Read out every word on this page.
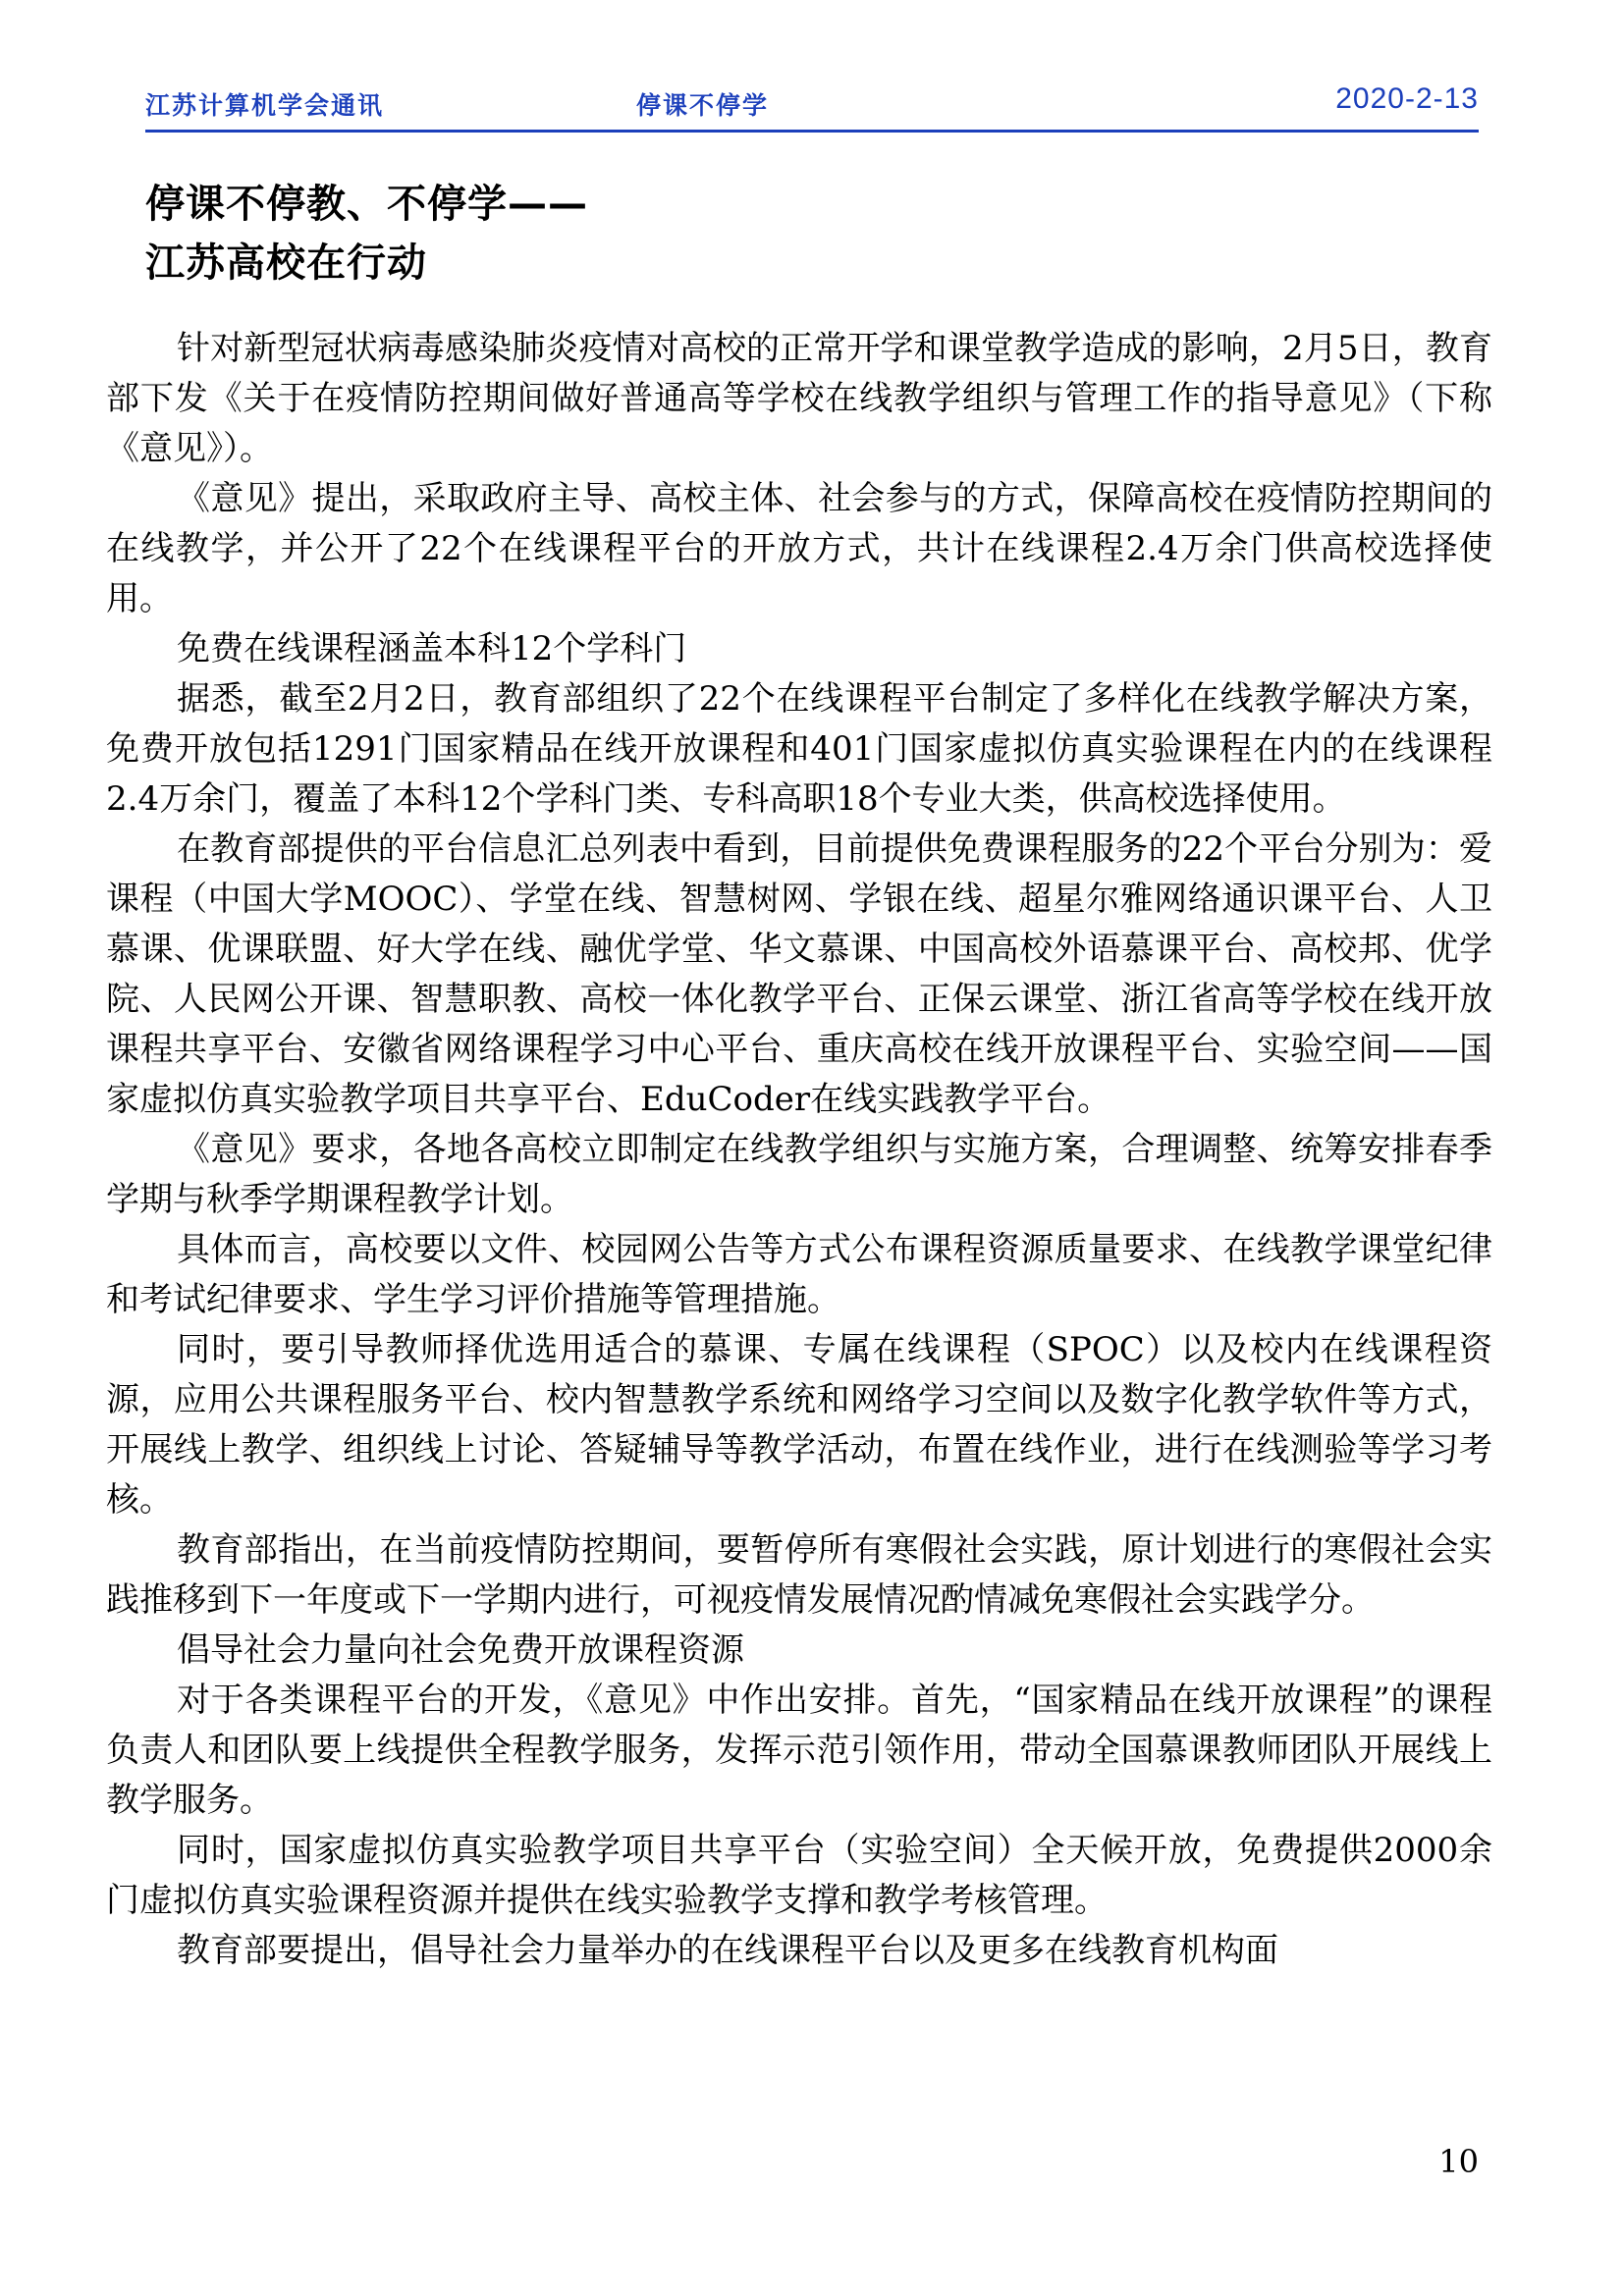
江苏计算机学会通讯	停课不停学	2020-2-13
停课不停教、不停学——
江苏高校在行动

针对新型冠状病毒感染肺炎疫情对高校的正常开学和课堂教学造成的影响，2月5日，教育部下发《关于在疫情防控期间做好普通高等学校在线教学组织与管理工作的指导意见》（下称《意见》）。

《意见》提出，采取政府主导、高校主体、社会参与的方式，保障高校在疫情防控期间的在线教学，并公开了22个在线课程平台的开放方式，共计在线课程2.4万余门供高校选择使用。

免费在线课程涵盖本科12个学科门

据悉，截至2月2日，教育部组织了22个在线课程平台制定了多样化在线教学解决方案，免费开放包括1291门国家精品在线开放课程和401门国家虚拟仿真实验课程在内的在线课程2.4万余门，覆盖了本科12个学科门类、专科高职18个专业大类，供高校选择使用。

在教育部提供的平台信息汇总列表中看到，目前提供免费课程服务的22个平台分别为：爱课程（中国大学MOOC）、学堂在线、智慧树网、学银在线、超星尔雅网络通识课平台、人卫慕课、优课联盟、好大学在线、融优学堂、华文慕课、中国高校外语慕课平台、高校邦、优学院、人民网公开课、智慧职教、高校一体化教学平台、正保云课堂、浙江省高等学校在线开放课程共享平台、安徽省网络课程学习中心平台、重庆高校在线开放课程平台、实验空间——国家虚拟仿真实验教学项目共享平台、EduCoder在线实践教学平台。

《意见》要求，各地各高校立即制定在线教学组织与实施方案，合理调整、统筹安排春季学期与秋季学期课程教学计划。

具体而言，高校要以文件、校园网公告等方式公布课程资源质量要求、在线教学课堂纪律和考试纪律要求、学生学习评价措施等管理措施。

同时，要引导教师择优选用适合的慕课、专属在线课程（SPOC）以及校内在线课程资源，应用公共课程服务平台、校内智慧教学系统和网络学习空间以及数字化教学软件等方式，开展线上教学、组织线上讨论、答疑辅导等教学活动，布置在线作业，进行在线测验等学习考核。

教育部指出，在当前疫情防控期间，要暂停所有寒假社会实践，原计划进行的寒假社会实践推移到下一年度或下一学期内进行，可视疫情发展情况酌情减免寒假社会实践学分。

倡导社会力量向社会免费开放课程资源

对于各类课程平台的开发，《意见》中作出安排。首先，“国家精品在线开放课程”的课程负责人和团队要上线提供全程教学服务，发挥示范引领作用，带动全国慕课教师团队开展线上教学服务。

同时，国家虚拟仿真实验教学项目共享平台（实验空间）全天候开放，免费提供2000余门虚拟仿真实验课程资源并提供在线实验教学支撑和教学考核管理。

教育部要提出，倡导社会力量举办的在线课程平台以及更多在线教育机构面

10
